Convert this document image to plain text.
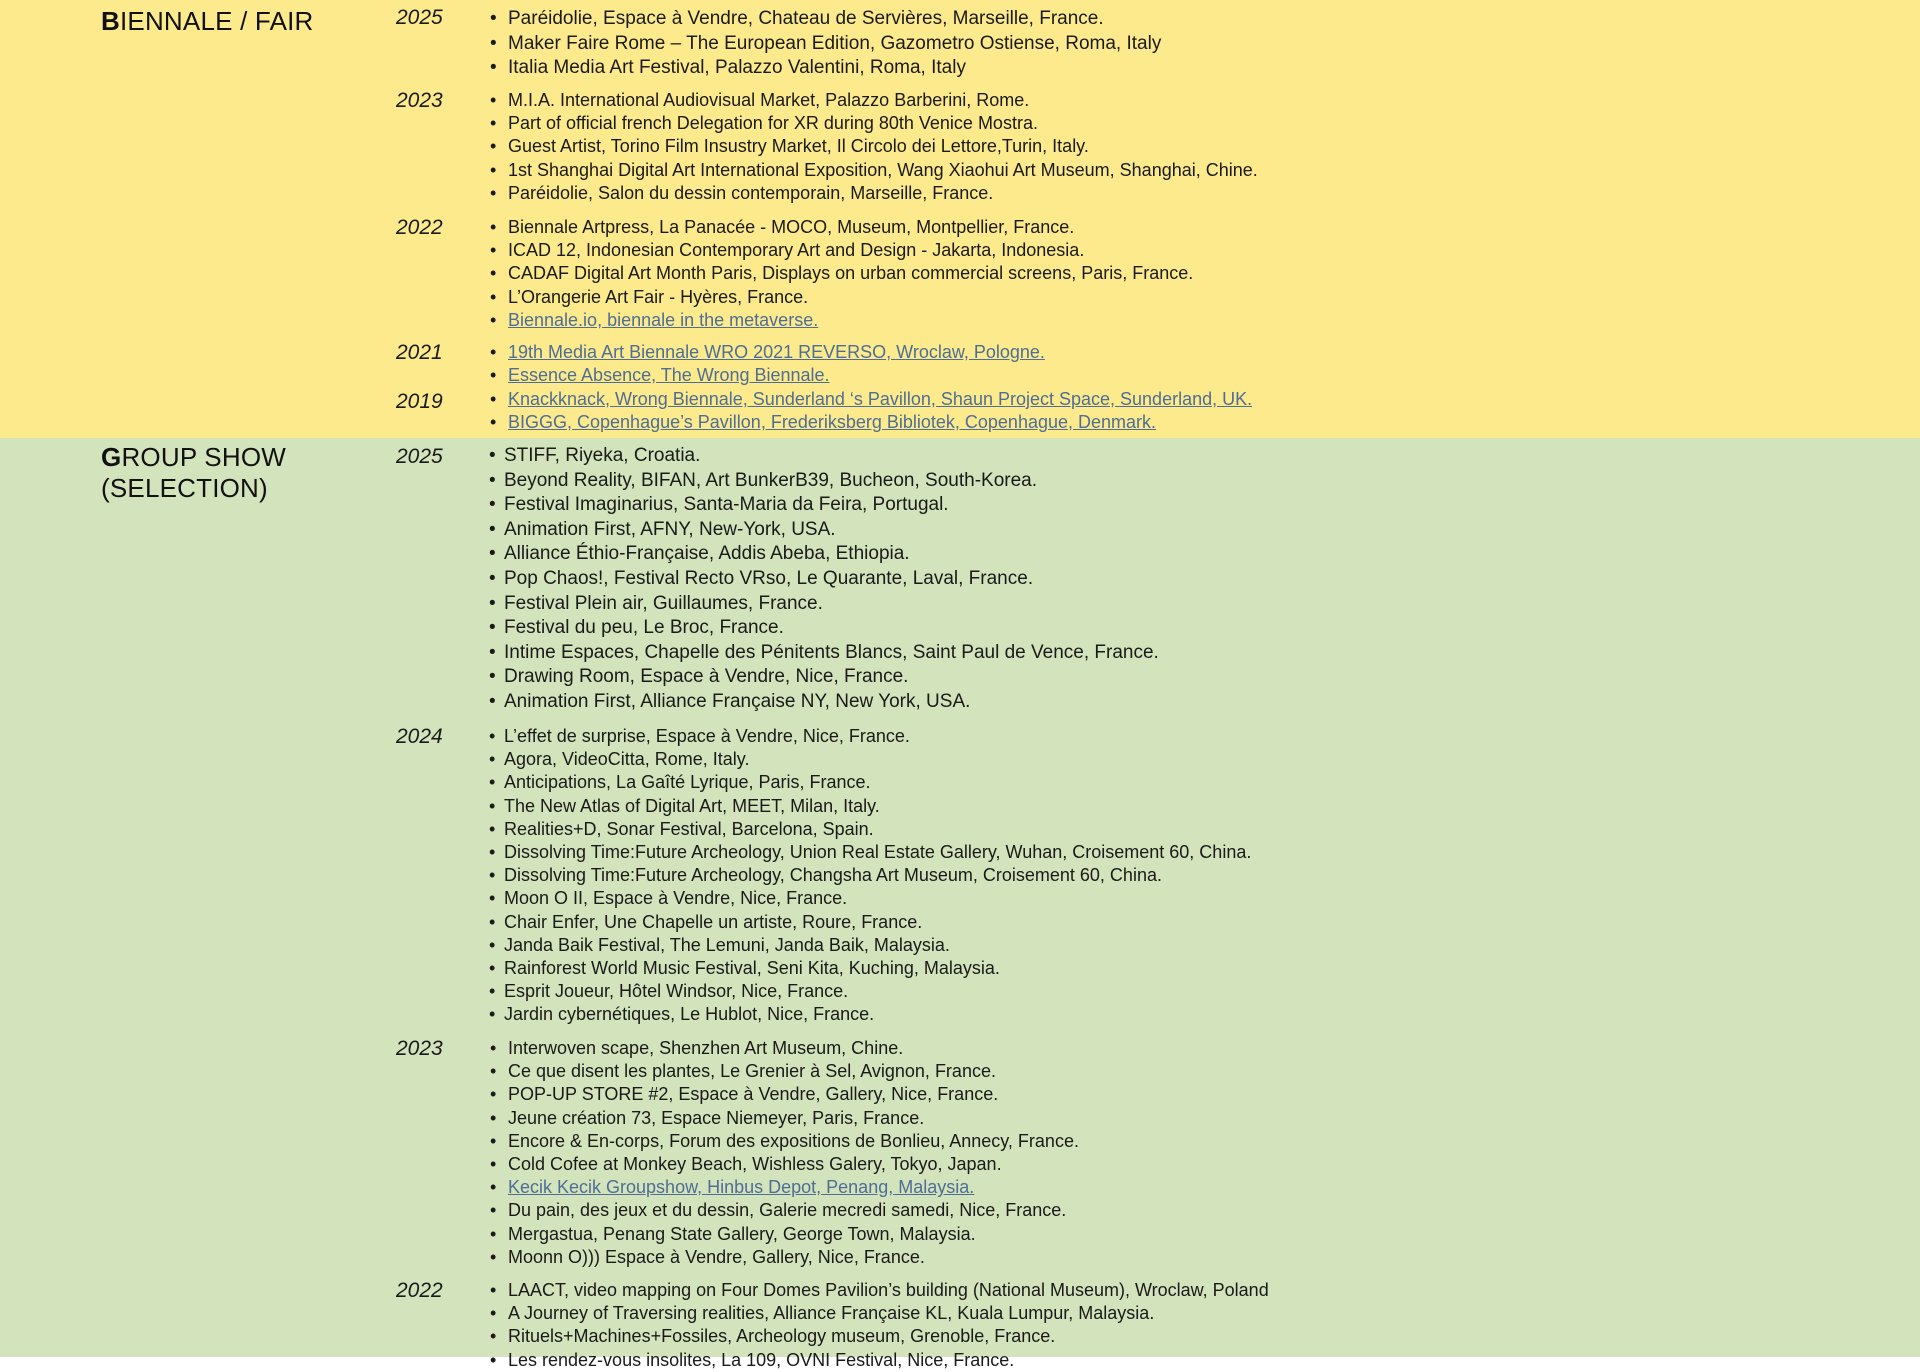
BIENNALE / FAIR	2025	• Paréidolie, Espace à Vendre, Chateau de Servières, Marseille, France.
• Maker Faire Rome – The European Edition, Gazometro Ostiense, Roma, Italy
• Italia Media Art Festival, Palazzo Valentini, Roma, Italy
2023	• M.I.A. International Audiovisual Market, Palazzo Barberini, Rome.
• Part of official french Delegation for XR during 80th Venice Mostra.
• Guest Artist, Torino Film Insustry Market, Il Circolo dei Lettore,Turin, Italy.
• 1st Shanghai Digital Art International Exposition, Wang Xiaohui Art Museum, Shanghai, Chine.
• Paréidolie, Salon du dessin contemporain, Marseille, France.
2022	• Biennale Artpress, La Panacée - MOCO, Museum, Montpellier, France.
• ICAD 12, Indonesian Contemporary Art and Design - Jakarta, Indonesia.
• CADAF Digital Art Month Paris, Displays on urban commercial screens, Paris, France.
• L’Orangerie Art Fair - Hyères, France.
• Biennale.io, biennale in the metaverse.
2021	• 19th Media Art Biennale WRO 2021 REVERSO, Wroclaw, Pologne.
• Essence Absence, The Wrong Biennale.
2019	• Knackknack, Wrong Biennale, Sunderland ‘s Pavillon, Shaun Project Space, Sunderland, UK.
• BIGGG, Copenhague’s Pavillon, Frederiksberg Bibliotek, Copenhague, Denmark.
GROUP SHOW
(SELECTION)
2025	• STIFF, Riyeka, Croatia.
• Beyond Reality, BIFAN, Art BunkerB39, Bucheon, South-Korea.
• Festival Imaginarius, Santa-Maria da Feira, Portugal.
• Animation First, AFNY, New-York, USA.
• Alliance Éthio-Française, Addis Abeba, Ethiopia.
• Pop Chaos!, Festival Recto VRso, Le Quarante, Laval, France.
• Festival Plein air, Guillaumes, France.
• Festival du peu, Le Broc, France.
• Intime Espaces, Chapelle des Pénitents Blancs, Saint Paul de Vence, France.
• Drawing Room, Espace à Vendre, Nice, France.
• Animation First, Alliance Française NY, New York, USA.
2024	• L’effet de surprise, Espace à Vendre, Nice, France.
• Agora, VideoCitta, Rome, Italy.
• Anticipations, La Gaîté Lyrique, Paris, France.
• The New Atlas of Digital Art, MEET, Milan, Italy.
• Realities+D, Sonar Festival, Barcelona, Spain.
• Dissolving Time:Future Archeology, Union Real Estate Gallery, Wuhan, Croisement 60, China.
• Dissolving Time:Future Archeology, Changsha Art Museum, Croisement 60, China.
• Moon O II, Espace à Vendre, Nice, France.
• Chair Enfer, Une Chapelle un artiste, Roure, France.
• Janda Baik Festival, The Lemuni, Janda Baik, Malaysia.
• Rainforest World Music Festival, Seni Kita, Kuching, Malaysia.
• Esprit Joueur, Hôtel Windsor, Nice, France.
• Jardin cybernétiques, Le Hublot, Nice, France.
2023	• Interwoven scape, Shenzhen Art Museum, Chine.
• Ce que disent les plantes, Le Grenier à Sel, Avignon, France.
• POP-UP STORE #2, Espace à Vendre, Gallery, Nice, France.
• Jeune création 73, Espace Niemeyer, Paris, France.
• Encore & En-corps, Forum des expositions de Bonlieu, Annecy, France.
• Cold Cofee at Monkey Beach, Wishless Galery, Tokyo, Japan.
• Kecik Kecik Groupshow, Hinbus Depot, Penang, Malaysia.
• Du pain, des jeux et du dessin, Galerie mecredi samedi, Nice, France.
• Mergastua, Penang State Gallery, George Town, Malaysia.
• Moonn O))) Espace à Vendre, Gallery, Nice, France.
2022	• LAACT, video mapping on Four Domes Pavilion’s building (National Museum), Wroclaw, Poland
• A Journey of Traversing realities, Alliance Française KL, Kuala Lumpur, Malaysia.
• Rituels+Machines+Fossiles, Archeology museum, Grenoble, France.
• Les rendez-vous insolites, La 109, OVNI Festival, Nice, France.
